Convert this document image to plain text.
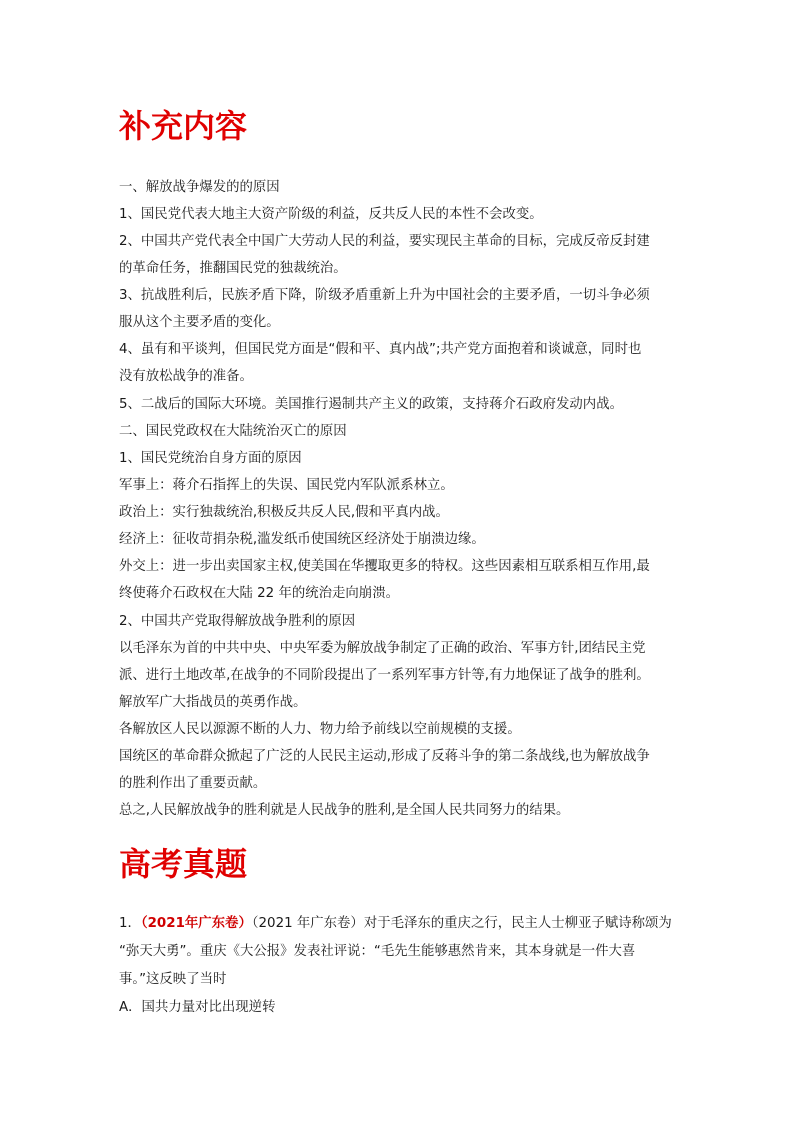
补充内容

一、解放战争爆发的的原因

1、国民党代表大地主大资产阶级的利益，反共反人民的本性不会改变。

2、中国共产党代表全中国广大劳动人民的利益，要实现民主革命的目标，完成反帝反封建

的革命任务，推翻国民党的独裁统治。

3、抗战胜利后，民族矛盾下降，阶级矛盾重新上升为中国社会的主要矛盾，一切斗争必须

服从这个主要矛盾的变化。

4、虽有和平谈判，但国民党方面是“假和平、真内战”;共产党方面抱着和谈诚意，同时也

没有放松战争的准备。

5、二战后的国际大环境。美国推行遏制共产主义的政策，支持蒋介石政府发动内战。

二、国民党政权在大陆统治灭亡的原因

1、国民党统治自身方面的原因

军事上：蒋介石指挥上的失误、国民党内军队派系林立。

政治上：实行独裁统治,积极反共反人民,假和平真内战。

经济上：征收苛捐杂税,滥发纸币使国统区经济处于崩溃边缘。

外交上：进一步出卖国家主权,使美国在华攫取更多的特权。这些因素相互联系相互作用,最

终使蒋介石政权在大陆 22 年的统治走向崩溃。

2、中国共产党取得解放战争胜利的原因

以毛泽东为首的中共中央、中央军委为解放战争制定了正确的政治、军事方针,团结民主党

派、进行土地改革,在战争的不同阶段提出了一系列军事方针等,有力地保证了战争的胜利。

解放军广大指战员的英勇作战。

各解放区人民以源源不断的人力、物力给予前线以空前规模的支援。

国统区的革命群众掀起了广泛的人民民主运动,形成了反蒋斗争的第二条战线,也为解放战争

的胜利作出了重要贡献。

总之,人民解放战争的胜利就是人民战争的胜利,是全国人民共同努力的结果。

高考真题

1．（2021年广东卷）（2021 年广东卷）对于毛泽东的重庆之行，民主人士柳亚子赋诗称颂为

“弥天大勇”。重庆《大公报》发表社评说：“毛先生能够惠然肯来，其本身就是一件大喜

事。”这反映了当时

A．国共力量对比出现逆转
